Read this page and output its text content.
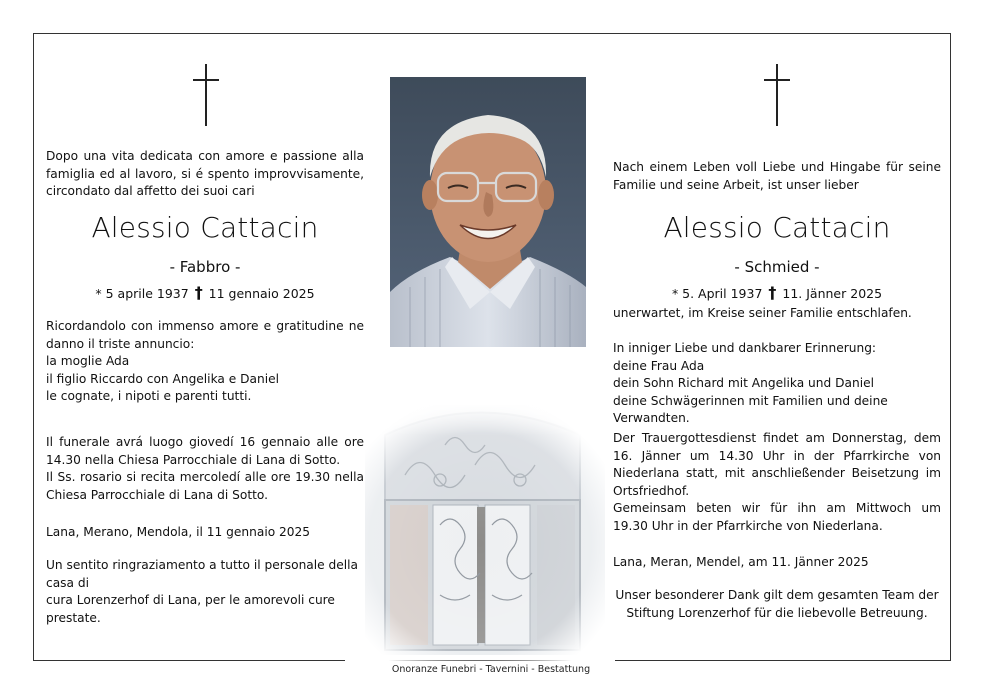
Dopo una vita dedicata con amore e passione alla
famiglia ed al lavoro, si é spento improvvisamente,
circondato dal affetto dei suoi cari
Alessio Cattacin
- Fabbro -
* 5 aprile 1937 † 11 gennaio 2025
Ricordandolo con immenso amore e gratitudine ne
danno il triste annuncio:
la moglie Ada
il figlio Riccardo con Angelika e Daniel
le cognate, i nipoti e parenti tutti.
Il funerale avrá luogo giovedí 16 gennaio alle ore
14.30 nella Chiesa Parrocchiale di Lana di Sotto.
Il Ss. rosario si recita mercoledí alle ore 19.30 nella
Chiesa Parrocchiale di Lana di Sotto.
Lana, Merano, Mendola, il 11 gennaio 2025
Un sentito ringraziamento a tutto il personale della casa di
cura Lorenzerhof di Lana, per le amorevoli cure prestate.
Nach einem Leben voll Liebe und Hingabe für seine
Familie und seine Arbeit, ist unser lieber
Alessio Cattacin
- Schmied -
* 5. April 1937 † 11. Jänner 2025
unerwartet, im Kreise seiner Familie entschlafen.
In inniger Liebe und dankbarer Erinnerung:
deine Frau Ada
dein Sohn Richard mit Angelika und Daniel
deine Schwägerinnen mit Familien und deine Verwandten.
Der Trauergottesdienst findet am Donnerstag, dem
16. Jänner um 14.30 Uhr in der Pfarrkirche von
Niederlana statt, mit anschließender Beisetzung im
Ortsfriedhof.
Gemeinsam beten wir für ihn am Mittwoch um
19.30 Uhr in der Pfarrkirche von Niederlana.
Lana, Meran, Mendel, am 11. Jänner 2025
Unser besonderer Dank gilt dem gesamten Team der
Stiftung Lorenzerhof für die liebevolle Betreuung.
Onoranze Funebri - Tavernini - Bestattung
